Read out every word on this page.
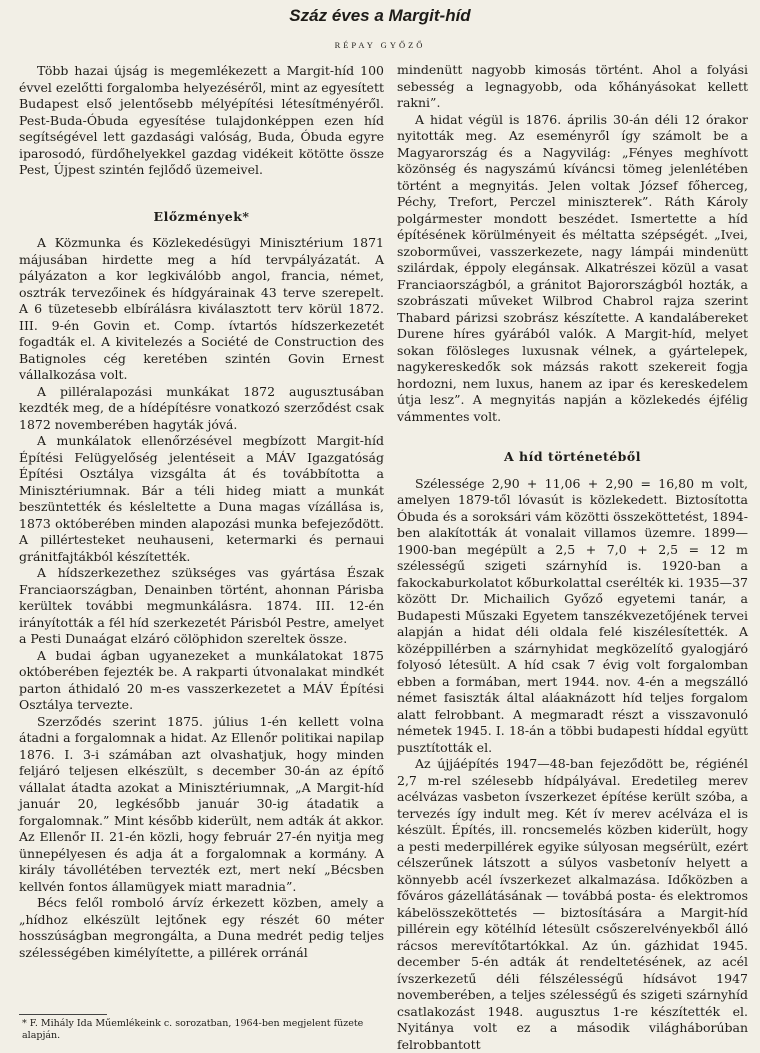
Száz éves a Margit-híd
RÉPAY GYŐZŐ

Több hazai újság is megemlékezett a Margit-híd 100 évvel ezelőtti forgalomba helyezéséről, mint az egyesített Budapest első jelentősebb mélyépítési létesítményéről. Pest-Buda-Óbuda egyesítése tulajdonképpen ezen híd segítségével lett gazdasági valóság, Buda, Óbuda egyre iparosodó, fürdőhelyekkel gazdag vidékeit kötötte össze Pest, Újpest szintén fejlődő üzemeivel.

Előzmények*

A Közmunka és Közlekedésügyi Minisztérium 1871 májusában hirdette meg a híd tervpályázatát. A pályázaton a kor legkiválóbb angol, francia, német, osztrák tervezőinek és hídgyárainak 43 terve szerepelt. A 6 tüzetesebb elbírálásra kiválasztott terv körül 1872. III. 9-én Govin et. Comp. ívtartós hídszerkezetét fogadták el. A kivitelezés a Société de Construction des Batignoles cég keretében szintén Govin Ernest vállalkozása volt.

A pilléralapozási munkákat 1872 augusztusában kezdték meg, de a hídépítésre vonatkozó szerződést csak 1872 novemberében hagyták jóvá.

A munkálatok ellenőrzésével megbízott Margit-híd Építési Felügyelőség jelentéseit a MÁV Igazgatóság Építési Osztálya vizsgálta át és továbbította a Minisztériumnak. Bár a téli hideg miatt a munkát beszüntették és késleltette a Duna magas vízállása is, 1873 októberében minden alapozási munka befejeződött. A pillértesteket neuhauseni, ketermarki és pernaui gránitfajtákból készítették.

A hídszerkezethez szükséges vas gyártása Észak Franciaországban, Denainben történt, ahonnan Párisba kerültek további megmunkálásra. 1874. III. 12-én irányították a fél híd szerkezetét Párisból Pestre, amelyet a Pesti Dunaágat elzáró cölöphidon szereltek össze.

A budai ágban ugyanezeket a munkálatokat 1875 októberében fejezték be. A rakparti útvonalakat mindkét parton áthidaló 20 m-es vasszerkezetet a MÁV Építési Osztálya tervezte.

Szerződés szerint 1875. július 1-én kellett volna átadni a forgalomnak a hidat. Az Ellenőr politikai napilap 1876. I. 3-i számában azt olvashatjuk, hogy minden feljáró teljesen elkészült, s december 30-án az építő vállalat átadta azokat a Minisztériumnak, „A Margit-híd január 20, legkésőbb január 30-ig átadatik a forgalomnak.” Mint később kiderült, nem adták át akkor. Az Ellenőr II. 21-én közli, hogy február 27-én nyitja meg ünnepélyesen és adja át a forgalomnak a kormány. A király távollétében tervezték ezt, mert nekí „Bécsben kellvén fontos államügyek miatt maradnia”.

Bécs felől romboló árvíz érkezett közben, amely a „hídhoz elkészült lejtőnek egy részét 60 méter hosszúságban megrongálta, a Duna medrét pedig teljes szélességében kimélyítette, a pillérek orránál

* F. Mihály Ida Műemlékeink c. sorozatban, 1964-ben megjelent füzete alapján.

mindenütt nagyobb kimosás történt. Ahol a folyási sebesség a legnagyobb, oda kőhányásokat kellett rakni”.

A hidat végül is 1876. április 30-án déli 12 órakor nyitották meg. Az eseményről így számolt be a Magyarország és a Nagyvilág: „Fényes meghívott közönség és nagyszámú kíváncsi tömeg jelenlétében történt a megnyitás. Jelen voltak József főherceg, Péchy, Trefort, Perczel miniszterek”. Ráth Károly polgármester mondott beszédet. Ismertette a híd építésének körülményeit és méltatta szépségét. „Ivei, szoborművei, vasszerkezete, nagy lámpái mindenütt szilárdak, éppoly elegánsak. Alkatrészei közül a vasat Franciaországból, a gránitot Bajorországból hozták, a szobrászati műveket Wilbrod Chabrol rajza szerint Thabard párizsi szobrász készítette. A kandalábereket Durene híres gyárából valók. A Margit-híd, melyet sokan fölösleges luxusnak vélnek, a gyártelepek, nagykereskedők sok mázsás rakott szekereit fogja hordozni, nem luxus, hanem az ipar és kereskedelem útja lesz”. A megnyitás napján a közlekedés éjfélig vámmentes volt.

A híd történetéből

Szélessége 2,90 + 11,06 + 2,90 = 16,80 m volt, amelyen 1879-től lóvasút is közlekedett. Biztosította Óbuda és a soroksári vám közötti összeköttetést, 1894-ben alakították át vonalait villamos üzemre. 1899—1900-ban megépült a 2,5 + 7,0 + 2,5 = 12 m szélességű szigeti szárnyhíd is. 1920-ban a fakockaburkolatot kőburkolattal cserélték ki. 1935—37 között Dr. Michailich Győző egyetemi tanár, a Budapesti Műszaki Egyetem tanszékvezetőjének tervei alapján a hidat déli oldala felé kiszélesítették. A középpillérben a szárnyhidat megközelítő gyalogjáró folyosó létesült. A híd csak 7 évig volt forgalomban ebben a formában, mert 1944. nov. 4-én a megszálló német fasiszták által aláaknázott híd teljes forgalom alatt felrobbant. A megmaradt részt a visszavonuló németek 1945. I. 18-án a többi budapesti híddal együtt pusztították el.

Az újjáépítés 1947—48-ban fejeződött be, régiénél 2,7 m-rel szélesebb hídpályával. Eredetileg merev acélvázas vasbeton ívszerkezet építése került szóba, a tervezés így indult meg. Két ív merev acélváza el is készült. Építés, ill. roncsemelés közben kiderült, hogy a pesti mederpillérek egyike súlyosan megsérült, ezért célszerűnek látszott a súlyos vasbetonív helyett a könnyebb acél ívszerkezet alkalmazása. Időközben a főváros gázellátásának — továbbá posta- és elektromos kábelösszeköttetés — biztosítására a Margit-híd pillérein egy kötélhíd létesült csőszerelvényekből álló rácsos merevítőtartókkal. Az ún. gázhidat 1945. december 5-én adták át rendeltetésének, az acél ívszerkezetű déli félszélességű hídsávot 1947 novemberében, a teljes szélességű és szigeti szárnyhíd csatlakozást 1948. augusztus 1-re készítették el. Nyitánya volt ez a második világháborúban felrobbantott
